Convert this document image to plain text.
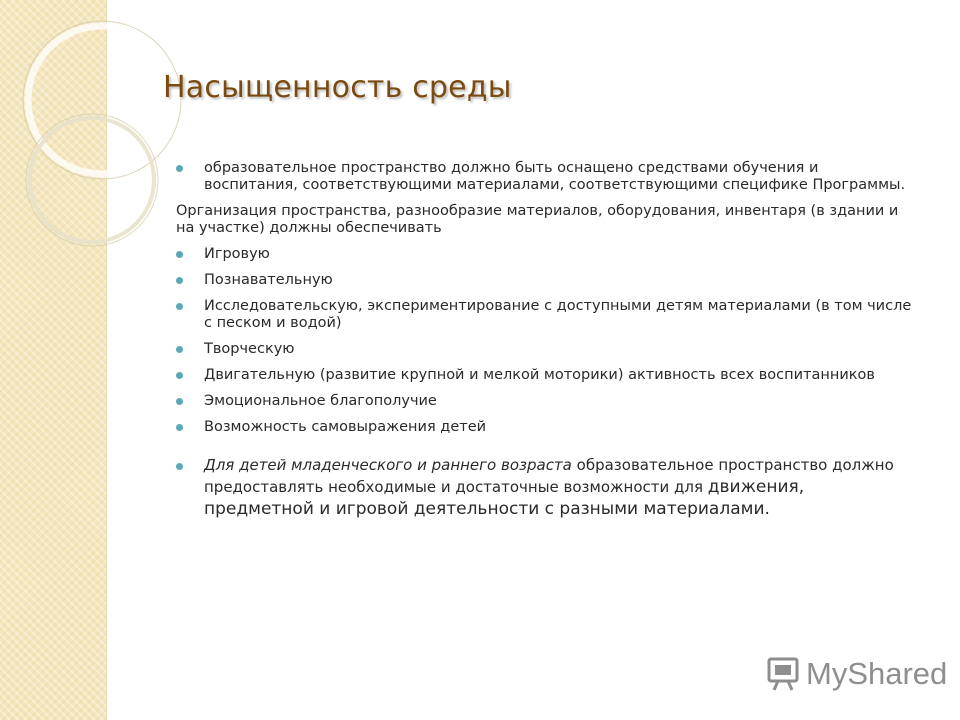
Насыщенность среды
образовательное пространство должно быть оснащено средствами обучения и воспитания, соответствующими материалами, соответствующими специфике Программы.
Организация пространства, разнообразие материалов, оборудования, инвентаря (в здании и на участке) должны обеспечивать
Игровую
Познавательную
Исследовательскую, экспериментирование с доступными детям материалами (в том числе с песком и водой)
Творческую
Двигательную (развитие крупной и мелкой моторики) активность всех воспитанников
Эмоциональное благополучие
Возможность самовыражения детей
Для детей младенческого и раннего возраста образовательное пространство должно предоставлять необходимые и достаточные возможности для движения, предметной и игровой деятельности с разными материалами.
MyShared
